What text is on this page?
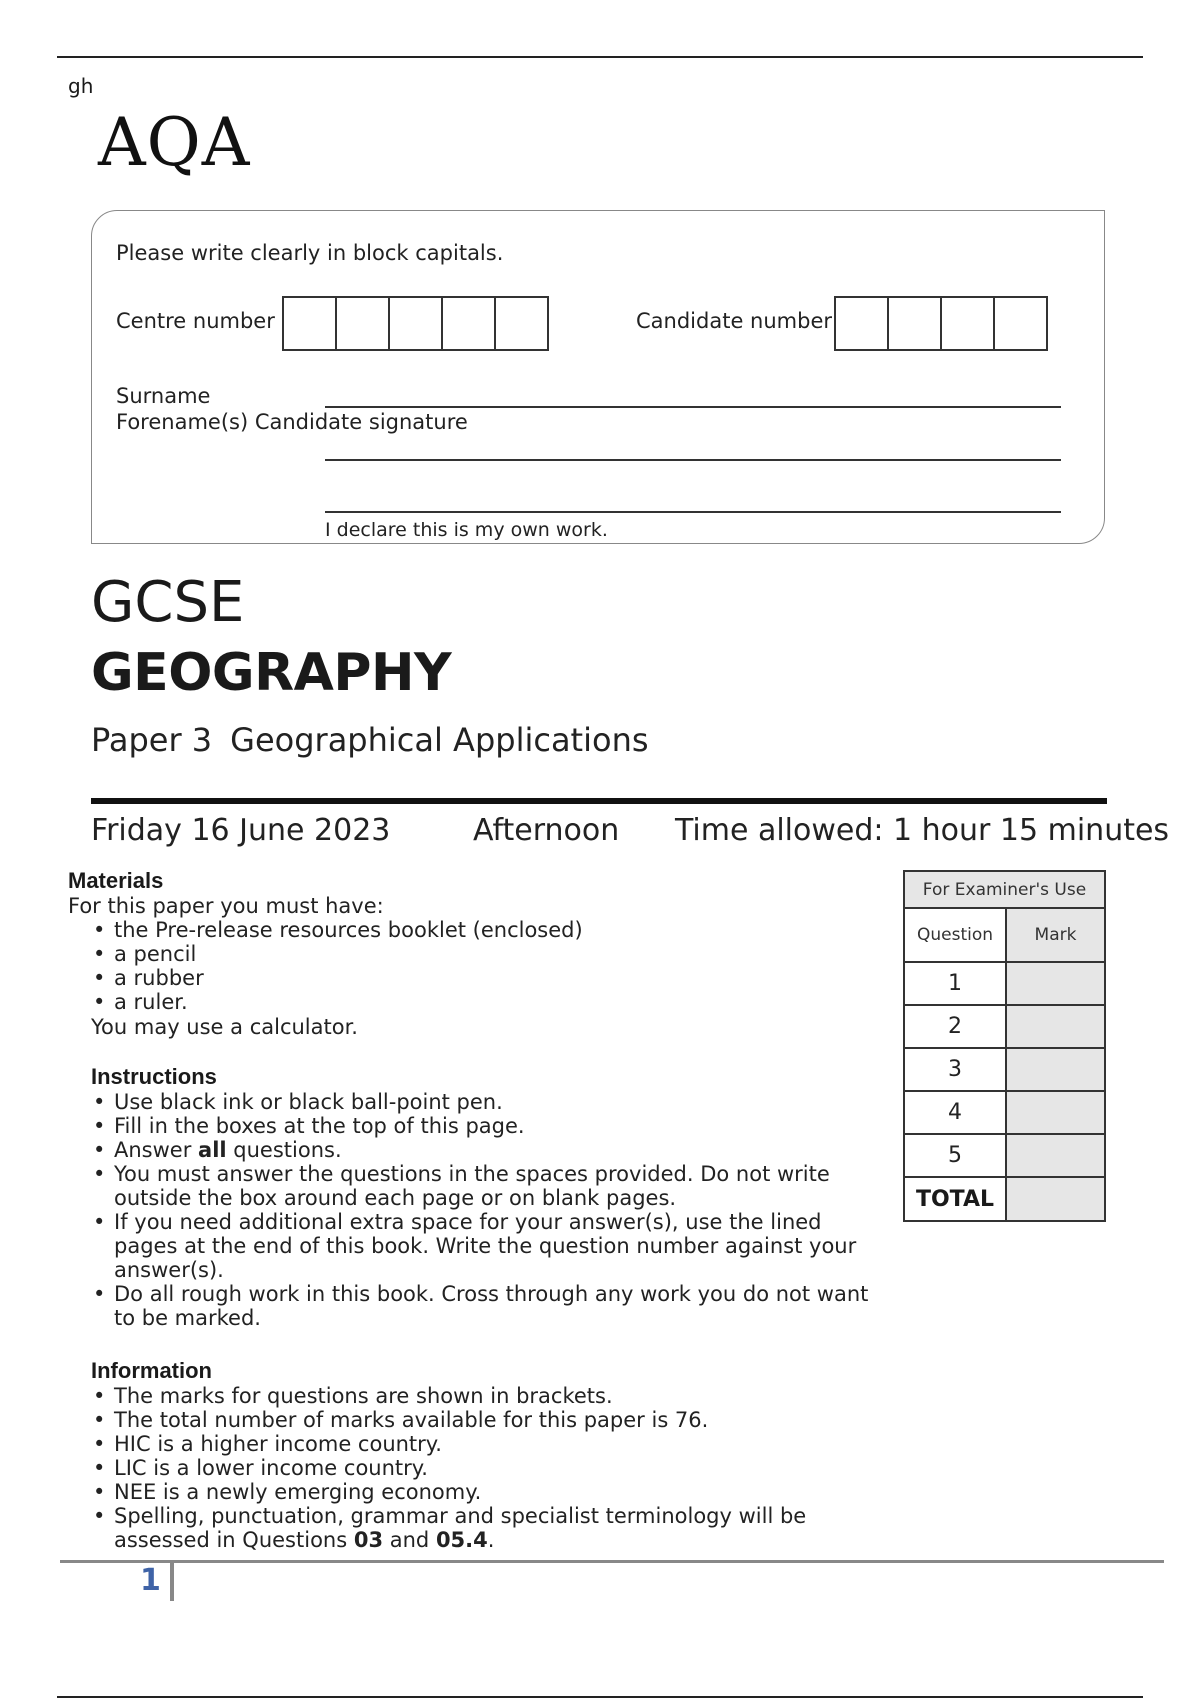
gh
AQA
Please write clearly in block capitals.
Centre number	Candidate number
Surname
Forename(s) Candidate signature
I declare this is my own work.
GCSE
GEOGRAPHY
Paper 3 Geographical Applications
Friday 16 June 2023	Afternoon Time allowed: 1 hour 15 minutes
Materials
For this paper you must have:
• the Pre-release resources booklet (enclosed)
• a pencil
• a rubber
• a ruler.
You may use a calculator.
Instructions
• Use black ink or black ball-point pen.
• Fill in the boxes at the top of this page.
• Answer all questions.
• You must answer the questions in the spaces provided. Do not write outside the box around each page or on blank pages.
• If you need additional extra space for your answer(s), use the lined pages at the end of this book. Write the question number against your answer(s).
• Do all rough work in this book. Cross through any work you do not want to be marked.
Information
• The marks for questions are shown in brackets.
• The total number of marks available for this paper is 76.
• HIC is a higher income country.
• LIC is a lower income country.
• NEE is a newly emerging economy.
• Spelling, punctuation, grammar and specialist terminology will be assessed in Questions 03 and 05.4.
For Examiner's Use	
Question	Mark
1	
2	
3	
4	
5	
TOTAL	
1
